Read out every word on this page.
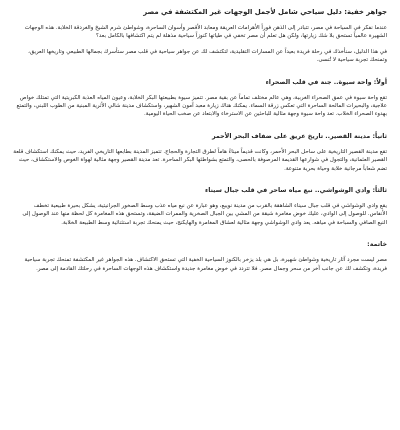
جواهر خفية: دليل سياحي شامل لأجمل الوجهات غير المكتشفة في مصر

عندما نفكر في السياحة في مصر، تتبادر إلى الذهن فوراً الأهرامات العريقة ومعابد الأقصر وأسوان الساحرة، وشواطئ شرم الشيخ والغردقة الخلابة. هذه الوجهات الشهيرة عالمياً تستحق بلا شك زيارتها، ولكن هل تعلم أن مصر تخفي في طياتها كنوزاً سياحية مذهلة لم يتم اكتشافها بالكامل بعد؟

في هذا الدليل، سنأخذك في رحلة فريدة بعيداً عن المسارات التقليدية، لتكتشف لك عن جواهر سياحية في قلب مصر ستأسرك بجمالها الطبيعي وتاريخها العريق، وتمنحك تجربة سياحية لا تُنسى.

أولاً: واحة سيوة.. جنة في قلب الصحراء

تقع واحة سيوة في عمق الصحراء الغربية، وهي عالم مختلف تماماً عن بقية مصر. تتميز سيوة بطبيعتها البكر الخلابة، وعيون المياه العذبة الكبريتية التي تمتلك خواص علاجية، والبحيرات المالحة الساحرة التي تعكس زرقة السماء. يمكنك هناك زيارة معبد آمون الشهير، واستكشاف مدينة شالي الأثرية المبنية من الطوب اللبني، والتمتع بهدوء الصحراء الخلاب. تعد واحة سيوة وجهة مثالية للباحثين عن الاسترخاء والابتعاد عن صخب الحياة اليومية.

ثانياً: مدينة القصير.. تاريخ عريق على ضفاف البحر الأحمر

تقع مدينة القصير التاريخية على ساحل البحر الأحمر، وكانت قديماً ميناءً هاماً لطرق التجارة والحجاج. تتميز المدينة بطابعها التاريخي الفريد، حيث يمكنك استكشاف قلعة القصير العثمانية، والتجول في شوارعها القديمة المرصوفة بالحصى، والتمتع بشواطئها البكر الساحرة. تعد مدينة القصير وجهة مثالية لهواة الغوص والاستكشاف، حيث تضم شعاباً مرجانية خلابة وحياة بحرية متنوعة.

ثالثاً: وادي الوشواشي.. نبع مياه ساحر في قلب جبال سيناء

يقع وادي الوشواشي في قلب جبال سيناء الشاهقة بالقرب من مدينة نويبع، وهو عبارة عن نبع مياه عذب وسط الصخور الجرانيتية، يشكل بحيرة طبيعية تخطف الأنفاس. للوصول إلى الوادي، عليك خوض مغامرة شيقة من المشي بين الجبال الصخرية والممرات الضيقة، وتستحق هذه المغامرة كل لحظة منها عند الوصول إلى النبع الصافي والسباحة في مياهه. يعد وادي الوشواشي وجهة مثالية لعشاق المغامرة والهايكنج، حيث يمنحك تجربة استثنائية وسط الطبيعة الخلابة.

خاتمة:

مصر ليست مجرد آثار تاريخية وشواطئ شهيرة، بل هي بلد يزخر بالكنوز السياحية الخفية التي تستحق الاكتشاف. هذه الجواهر غير المكتشفة تمنحك تجربة سياحية فريدة، وتكشف لك عن جانب آخر من سحر وجمال مصر. فلا تتردد في خوض مغامرة جديدة واستكشاف هذه الوجهات الساحرة في رحلتك القادمة إلى مصر.
